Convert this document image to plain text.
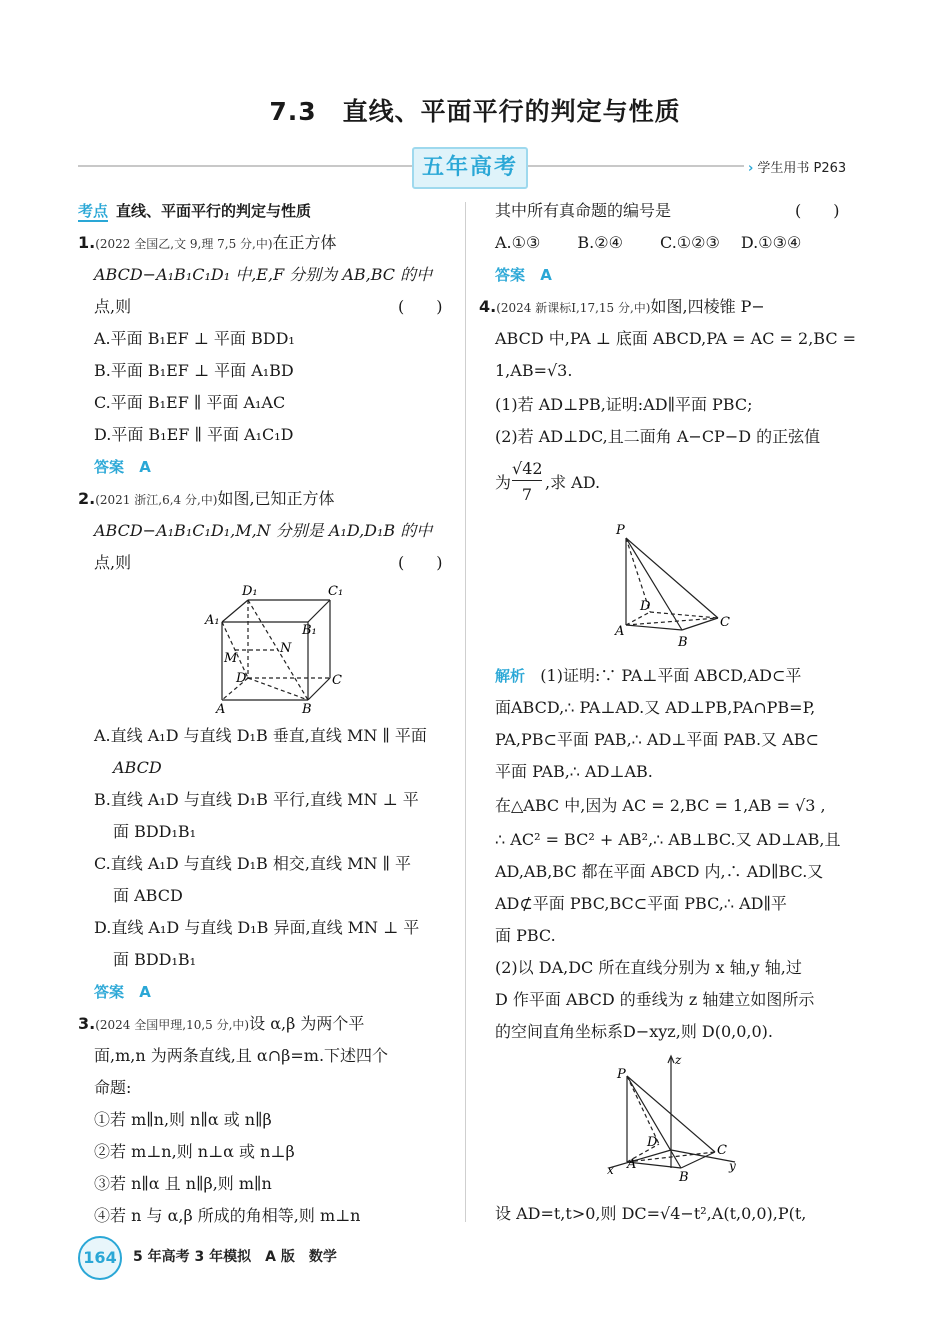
7.3　直线、平面平行的判定与性质
五年高考	› 学生用书 P263
考点 直线、平面平行的判定与性质
1.(2022 全国乙,文 9,理 7,5 分,中)在正方体
ABCD−A₁B₁C₁D₁ 中,E,F 分别为 AB,BC 的中
点,则	(　　)
A.平面 B₁EF ⊥ 平面 BDD₁
B.平面 B₁EF ⊥ 平面 A₁BD
C.平面 B₁EF ∥ 平面 A₁AC
D.平面 B₁EF ∥ 平面 A₁C₁D
答案 A
2.(2021 浙江,6,4 分,中)如图,已知正方体
ABCD−A₁B₁C₁D₁,M,N 分别是 A₁D,D₁B 的中
点,则	(　　)
D₁	C₁
A₁
B₁
N
M
D	C
A	B
A.直线 A₁D 与直线 D₁B 垂直,直线 MN ∥ 平面
ABCD
B.直线 A₁D 与直线 D₁B 平行,直线 MN ⊥ 平
面 BDD₁B₁
C.直线 A₁D 与直线 D₁B 相交,直线 MN ∥ 平
面 ABCD
D.直线 A₁D 与直线 D₁B 异面,直线 MN ⊥ 平
面 BDD₁B₁
答案 A
3.(2024 全国甲理,10,5 分,中)设 α,β 为两个平
面,m,n 为两条直线,且 α∩β=m.下述四个
命题:
①若 m∥n,则 n∥α 或 n∥β
②若 m⊥n,则 n⊥α 或 n⊥β
③若 n∥α 且 n∥β,则 m∥n
④若 n 与 α,β 所成的角相等,则 m⊥n
其中所有真命题的编号是	(　　)
A.①③　　 B.②④　　 C.①②③　 D.①③④
答案 A
4.(2024 新课标Ⅰ,17,15 分,中)如图,四棱锥 P−
ABCD 中,PA ⊥ 底面 ABCD,PA = AC = 2,BC =
1,AB=√3.
(1)若 AD⊥PB,证明:AD∥平面 PBC;
(2)若 AD⊥DC,且二面角 A−CP−D 的正弦值
为
√42
7
,求 AD.
P
D
A
B
C
解析 (1)证明:∵ PA⊥平面 ABCD,AD⊂平
面ABCD,∴ PA⊥AD.又 AD⊥PB,PA∩PB=P,
PA,PB⊂平面 PAB,∴ AD⊥平面 PAB.又 AB⊂
平面 PAB,∴ AD⊥AB.
在△ABC 中,因为 AC = 2,BC = 1,AB = √3 ,
∴ AC² = BC² + AB²,∴ AB⊥BC.又 AD⊥AB,且
AD,AB,BC 都在平面 ABCD 内,∴ AD∥BC.又
AD⊄平面 PBC,BC⊂平面 PBC,∴ AD∥平
面 PBC.
(2)以 DA,DC 所在直线分别为 x 轴,y 轴,过
D 作平面 ABCD 的垂线为 z 轴建立如图所示
的空间直角坐标系D−xyz,则 D(0,0,0).
z
P
D
C
A
B
x	y
设 AD=t,t>0,则 DC=√4−t²,A(t,0,0),P(t,
164	5 年高考 3 年模拟　A 版　数学
